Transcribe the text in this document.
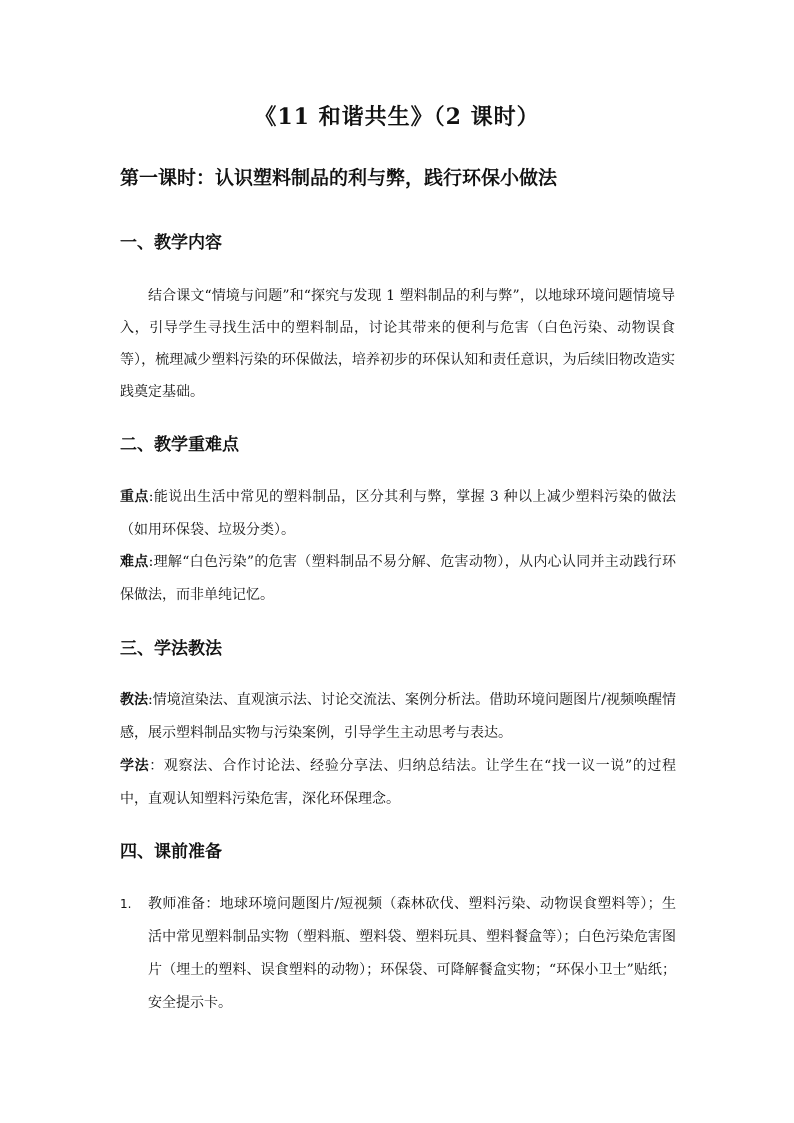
《11 和谐共生》（2 课时）
第一课时：认识塑料制品的利与弊，践行环保小做法
一、教学内容
结合课文“情境与问题”和“探究与发现 1 塑料制品的利与弊”，以地球环境问题情境导入，引导学生寻找生活中的塑料制品，讨论其带来的便利与危害（白色污染、动物误食等），梳理减少塑料污染的环保做法，培养初步的环保认知和责任意识，为后续旧物改造实践奠定基础。
二、教学重难点
重点:能说出生活中常见的塑料制品，区分其利与弊，掌握 3 种以上减少塑料污染的做法（如用环保袋、垃圾分类）。
难点:理解“白色污染”的危害（塑料制品不易分解、危害动物），从内心认同并主动践行环保做法，而非单纯记忆。
三、学法教法
教法:情境渲染法、直观演示法、讨论交流法、案例分析法。借助环境问题图片/视频唤醒情感，展示塑料制品实物与污染案例，引导学生主动思考与表达。
学法：观察法、合作讨论法、经验分享法、归纳总结法。让学生在“找一议一说”的过程中，直观认知塑料污染危害，深化环保理念。
四、课前准备
1.	教师准备：地球环境问题图片/短视频（森林砍伐、塑料污染、动物误食塑料等）；生活中常见塑料制品实物（塑料瓶、塑料袋、塑料玩具、塑料餐盒等）；白色污染危害图片（埋土的塑料、误食塑料的动物）；环保袋、可降解餐盒实物；“环保小卫士”贴纸；安全提示卡。
